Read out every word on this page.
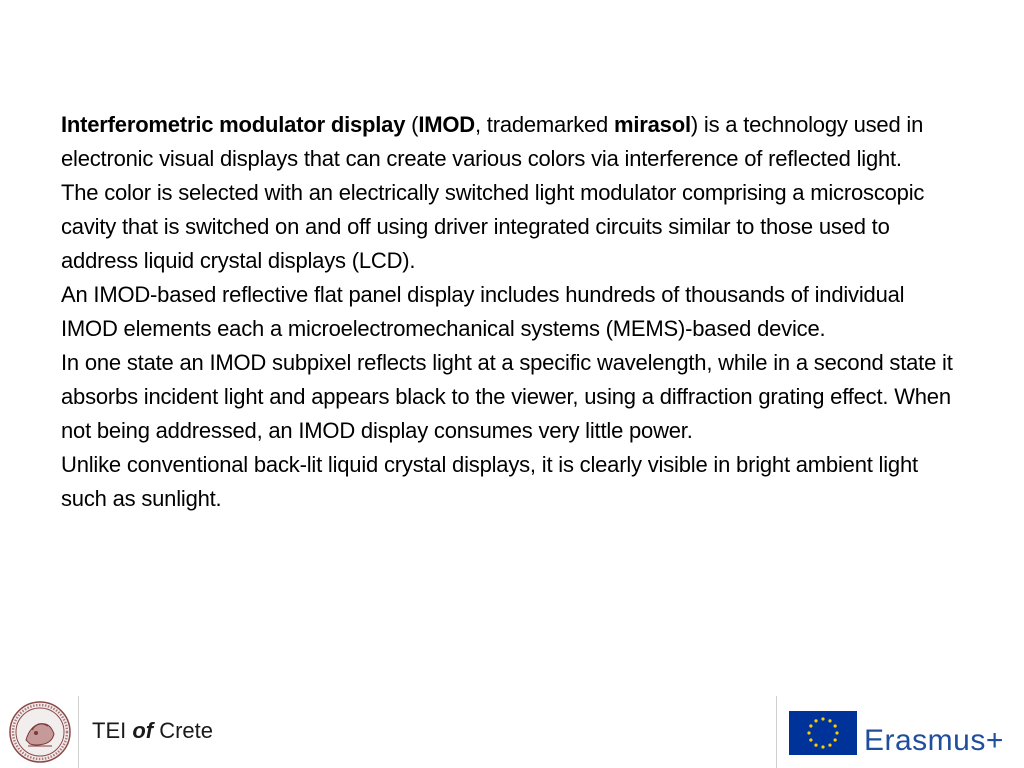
Interferometric modulator display (IMOD, trademarked mirasol) is a technology used in electronic visual displays that can create various colors via interference of reflected light.

The color is selected with an electrically switched light modulator comprising a microscopic cavity that is switched on and off using driver integrated circuits similar to those used to address liquid crystal displays (LCD).

An IMOD-based reflective flat panel display includes hundreds of thousands of individual IMOD elements each a microelectromechanical systems (MEMS)-based device.

In one state an IMOD subpixel reflects light at a specific wavelength, while in a second state it absorbs incident light and appears black to the viewer, using a diffraction grating effect. When not being addressed, an IMOD display consumes very little power.

Unlike conventional back-lit liquid crystal displays, it is clearly visible in bright ambient light such as sunlight.

TEI of Crete	Erasmus+
